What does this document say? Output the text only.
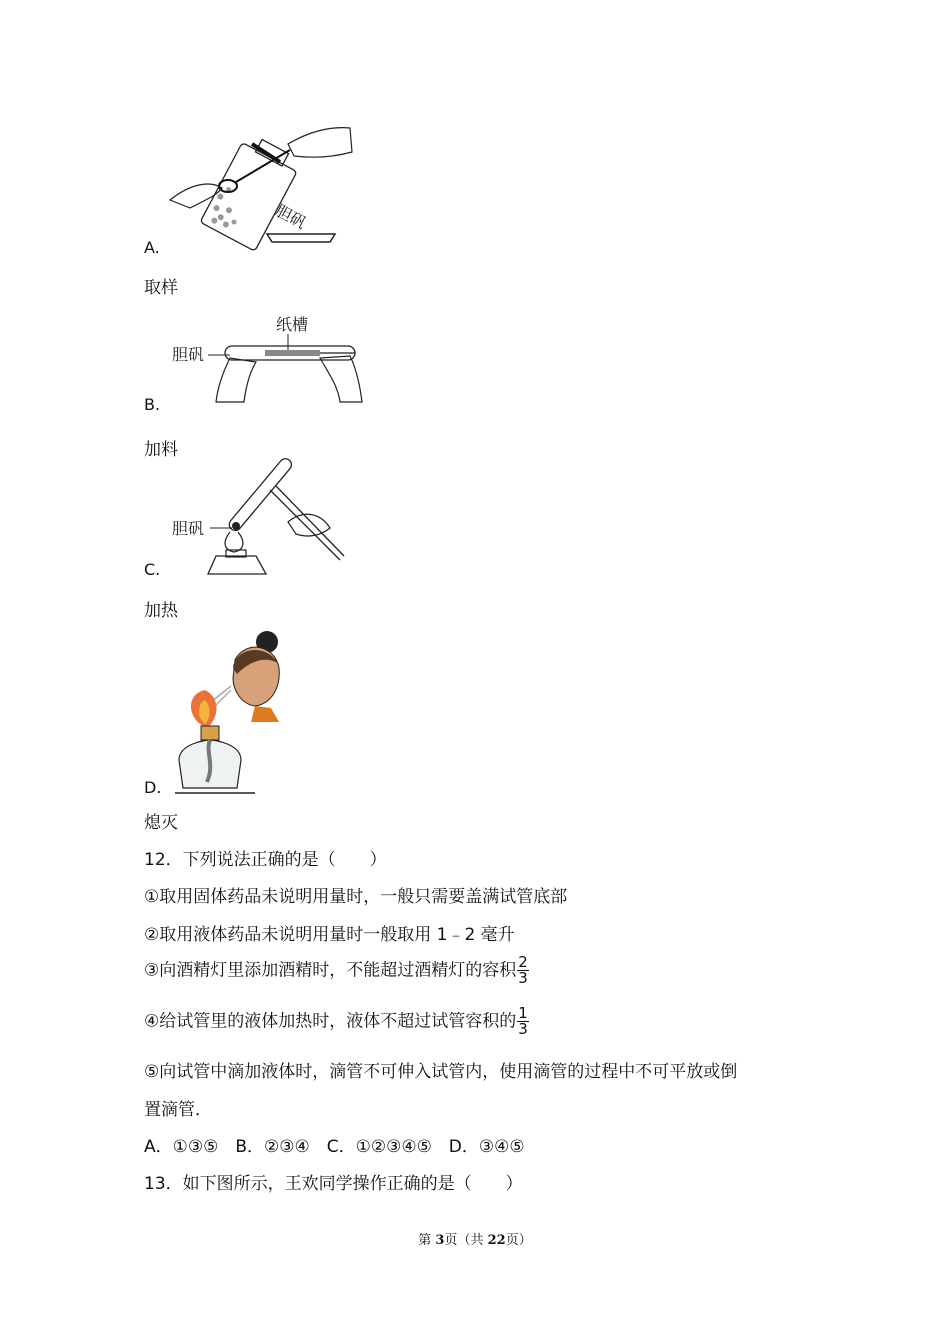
胆矾
A.
取样
胆矾
纸槽
B.
加料
胆矾
C.
加热
D.
熄灭
12．下列说法正确的是（　　）
①取用固体药品未说明用量时，一般只需要盖满试管底部
②取用液体药品未说明用量时一般取用 1﹣2 毫升
③向酒精灯里添加酒精时，不能超过酒精灯的容积 $\frac{2}{3}$
④给试管里的液体加热时，液体不超过试管容积的 $\frac{1}{3}$
⑤向试管中滴加液体时，滴管不可伸入试管内，使用滴管的过程中不可平放或倒
置滴管．
A．①③⑤　B．②③④　C．①②③④⑤　D．③④⑤
13．如下图所示，王欢同学操作正确的是（　　）
第 3页（共 22页）
